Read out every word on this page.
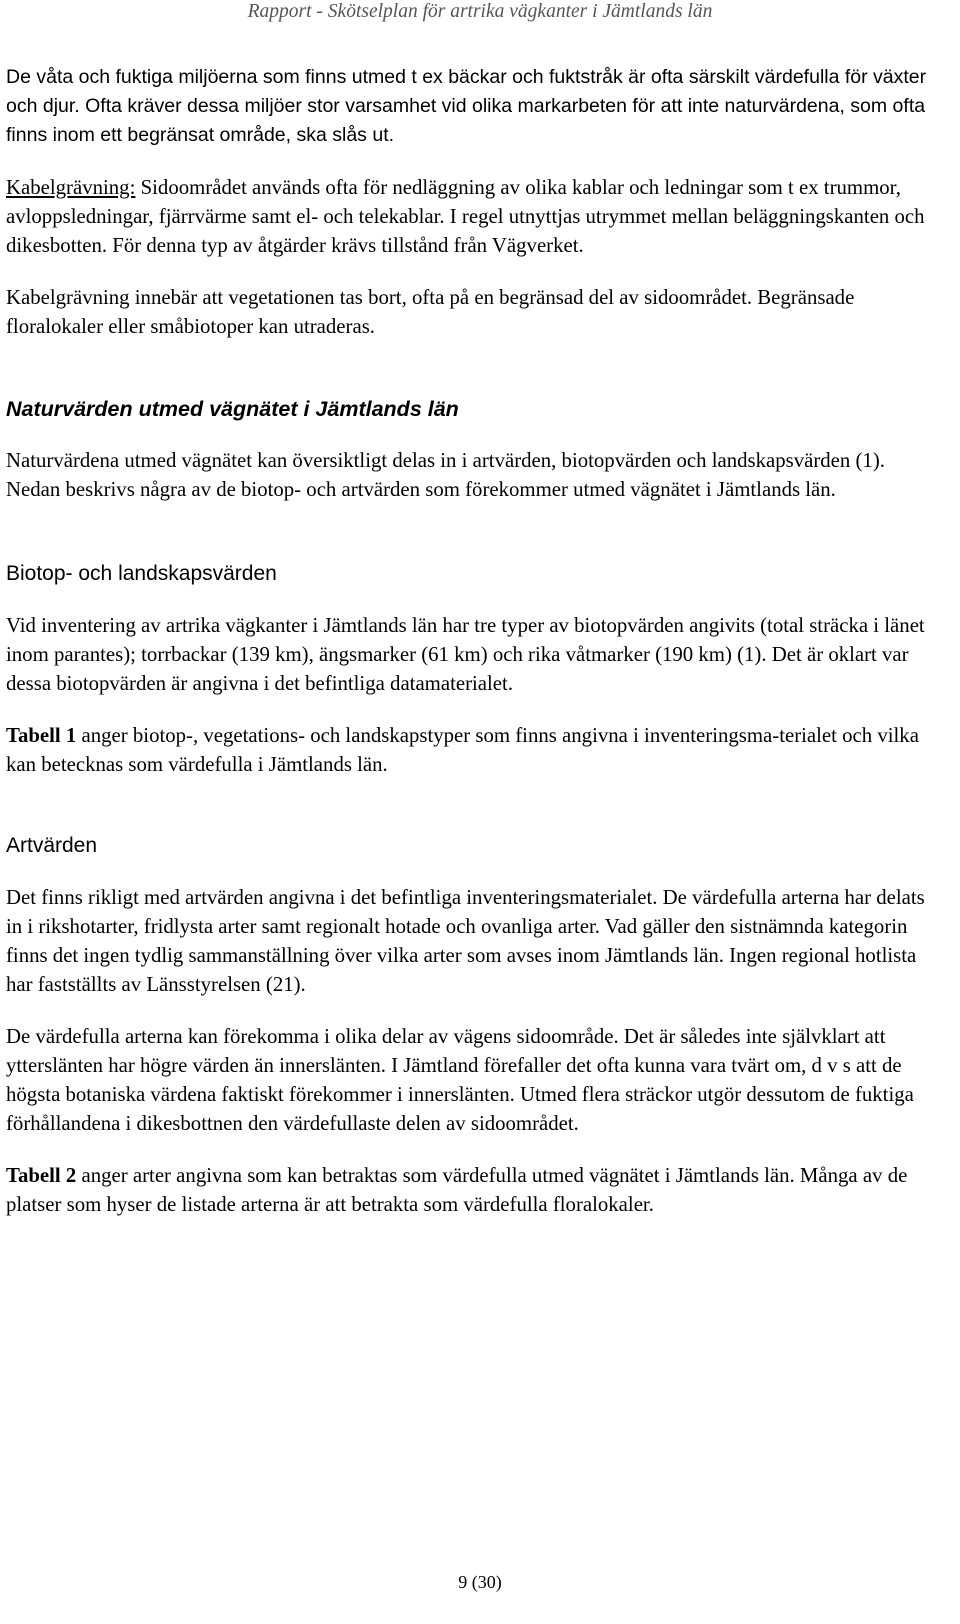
Rapport - Skötselplan för artrika vägkanter i Jämtlands län

De våta och fuktiga miljöerna som finns utmed t ex bäckar och fuktstråk är ofta särskilt värdefulla för växter och djur. Ofta kräver dessa miljöer stor varsamhet vid olika markarbeten för att inte naturvärdena, som ofta finns inom ett begränsat område, ska slås ut.

Kabelgrävning: Sidoområdet används ofta för nedläggning av olika kablar och ledningar som t ex trummor, avloppsledningar, fjärrvärme samt el- och telekablar. I regel utnyttjas utrymmet mellan beläggningskanten och dikesbotten. För denna typ av åtgärder krävs tillstånd från Vägverket.

Kabelgrävning innebär att vegetationen tas bort, ofta på en begränsad del av sidoområdet. Begränsade floralokaler eller småbiotoper kan utraderas.

Naturvärden utmed vägnätet i Jämtlands län

Naturvärdena utmed vägnätet kan översiktligt delas in i artvärden, biotopvärden och landskapsvärden (1). Nedan beskrivs några av de biotop- och artvärden som förekommer utmed vägnätet i Jämtlands län.

Biotop- och landskapsvärden

Vid inventering av artrika vägkanter i Jämtlands län har tre typer av biotopvärden angivits (total sträcka i länet inom parantes); torrbackar (139 km), ängsmarker (61 km) och rika våtmarker (190 km) (1). Det är oklart var dessa biotopvärden är angivna i det befintliga datamaterialet.

Tabell 1 anger biotop-, vegetations- och landskapstyper som finns angivna i inventeringsma-terialet och vilka kan betecknas som värdefulla i Jämtlands län.

Artvärden

Det finns rikligt med artvärden angivna i det befintliga inventeringsmaterialet. De värdefulla arterna har delats in i rikshotarter, fridlysta arter samt regionalt hotade och ovanliga arter. Vad gäller den sistnämnda kategorin finns det ingen tydlig sammanställning över vilka arter som avses inom Jämtlands län. Ingen regional hotlista har fastställts av Länsstyrelsen (21).

De värdefulla arterna kan förekomma i olika delar av vägens sidoområde. Det är således inte självklart att ytterslänten har högre värden än innerslänten. I Jämtland förefaller det ofta kunna vara tvärt om, d v s att de högsta botaniska värdena faktiskt förekommer i innerslänten. Utmed flera sträckor utgör dessutom de fuktiga förhållandena i dikesbottnen den värdefullaste delen av sidoområdet.

Tabell 2 anger arter angivna som kan betraktas som värdefulla utmed vägnätet i Jämtlands län. Många av de platser som hyser de listade arterna är att betrakta som värdefulla floralokaler.

9 (30)
